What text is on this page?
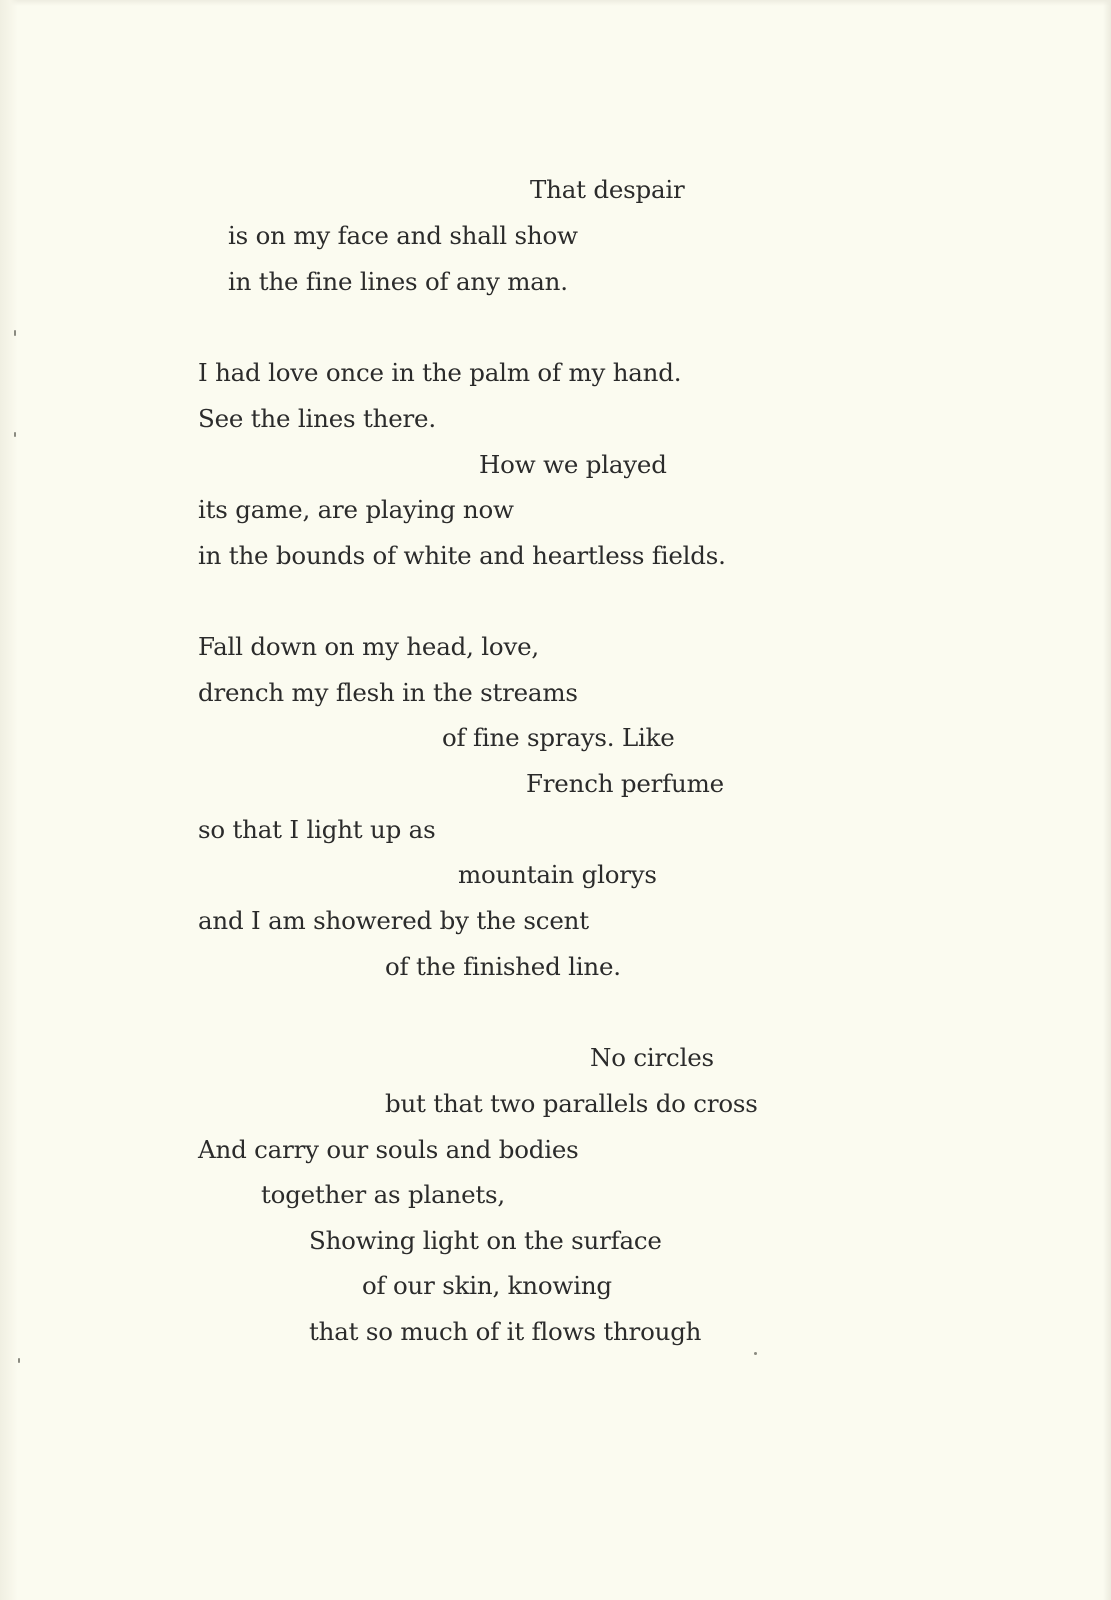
That despair
is on my face and shall show
in the fine lines of any man.
I had love once in the palm of my hand.
See the lines there.
How we played
its game, are playing now
in the bounds of white and heartless fields.
Fall down on my head, love,
drench my flesh in the streams
of fine sprays. Like
French perfume
so that I light up as
mountain glorys
and I am showered by the scent
of the finished line.
No circles
but that two parallels do cross
And carry our souls and bodies
together as planets,
Showing light on the surface
of our skin, knowing
that so much of it flows through
